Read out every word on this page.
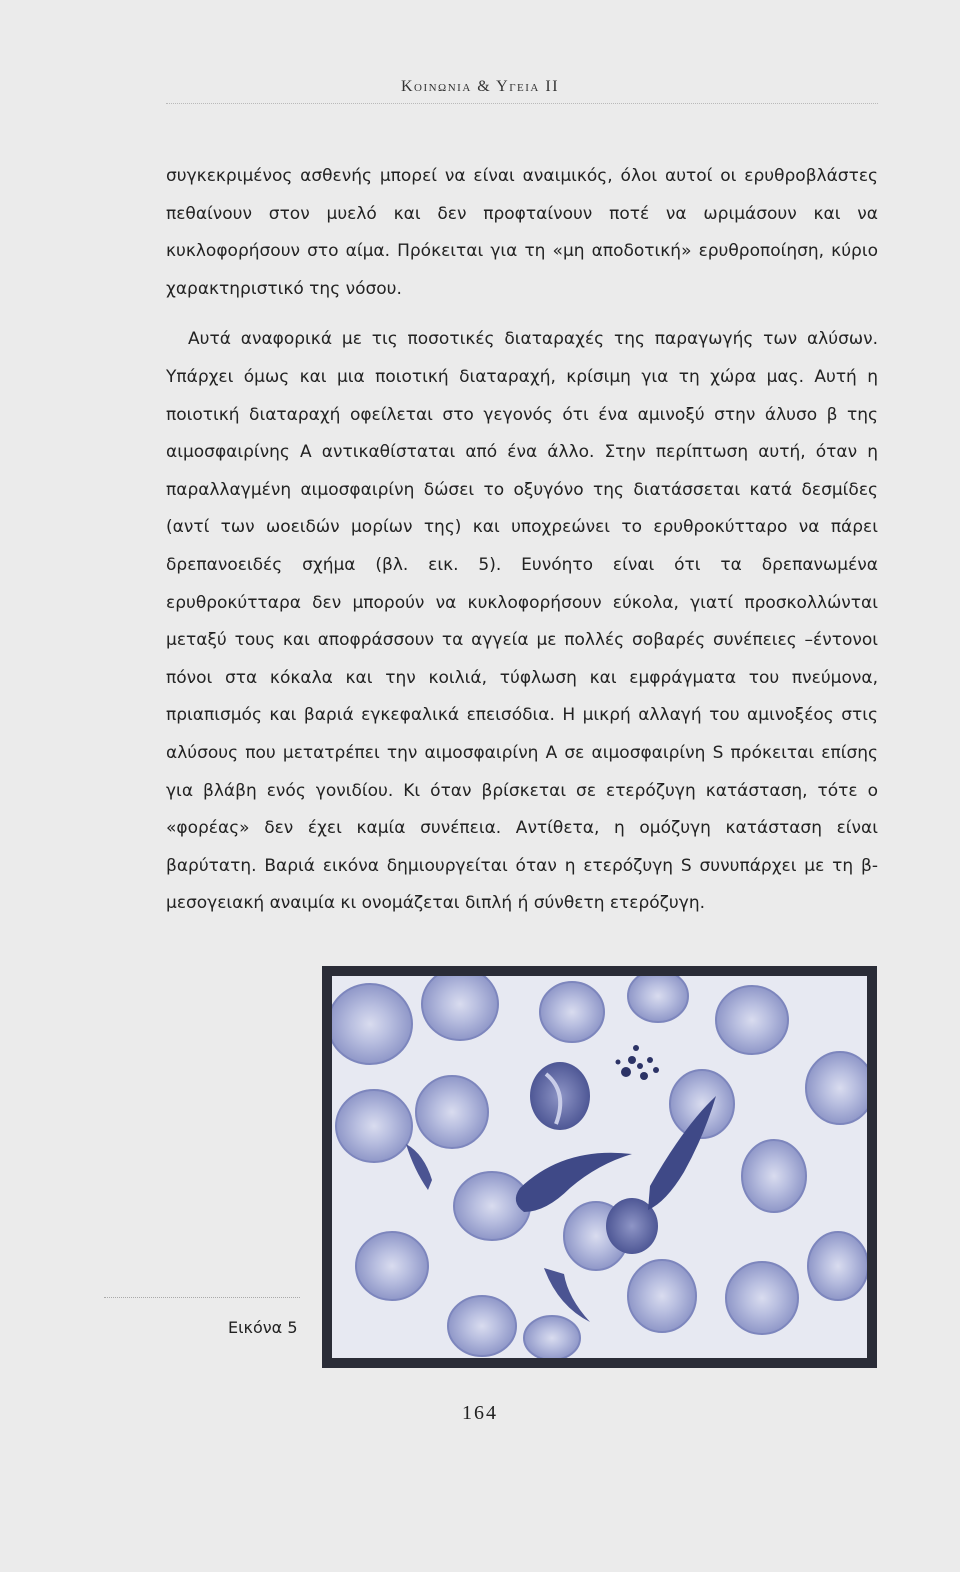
Κοινωνια & Υγεια ΙΙ

συγκεκριμένος ασθενής μπορεί να είναι αναιμικός, όλοι αυτοί οι ερυθροβλάστες πεθαίνουν στον μυελό και δεν προφταίνουν ποτέ να ωριμάσουν και να κυκλοφορήσουν στο αίμα. Πρόκειται για τη «μη αποδοτική» ερυθροποίηση, κύριο χαρακτηριστικό της νόσου.

Αυτά αναφορικά με τις ποσοτικές διαταραχές της παραγωγής των αλύσων. Υπάρχει όμως και μια ποιοτική διαταραχή, κρίσιμη για τη χώρα μας. Αυτή η ποιοτική διαταραχή οφείλεται στο γεγονός ότι ένα αμινοξύ στην άλυσο β της αιμοσφαιρίνης Α αντικαθίσταται από ένα άλλο. Στην περίπτωση αυτή, όταν η παραλλαγμένη αιμοσφαιρίνη δώσει το οξυγόνο της διατάσσεται κατά δεσμίδες (αντί των ωοειδών μορίων της) και υποχρεώνει το ερυθροκύτταρο να πάρει δρεπανοειδές σχήμα (βλ. εικ. 5). Ευνόητο είναι ότι τα δρεπανωμένα ερυθροκύτταρα δεν μπορούν να κυκλοφορήσουν εύκολα, γιατί προσκολλώνται μεταξύ τους και αποφράσσουν τα αγγεία με πολλές σοβαρές συνέπειες –έντονοι πόνοι στα κόκαλα και την κοιλιά, τύφλωση και εμφράγματα του πνεύμονα, πριαπισμός και βαριά εγκεφαλικά επεισόδια. Η μικρή αλλαγή του αμινοξέος στις αλύσους που μετατρέπει την αιμοσφαιρίνη Α σε αιμοσφαιρίνη S πρόκειται επίσης για βλάβη ενός γονιδίου. Κι όταν βρίσκεται σε ετερόζυγη κατάσταση, τότε ο «φορέας» δεν έχει καμία συνέπεια. Αντίθετα, η ομόζυγη κατάσταση είναι βαρύτατη. Βαριά εικόνα δημιουργείται όταν η ετερόζυγη S συνυπάρχει με τη β-μεσογειακή αναιμία κι ονομάζεται διπλή ή σύνθετη ετερόζυγη.

Εικόνα 5
164
